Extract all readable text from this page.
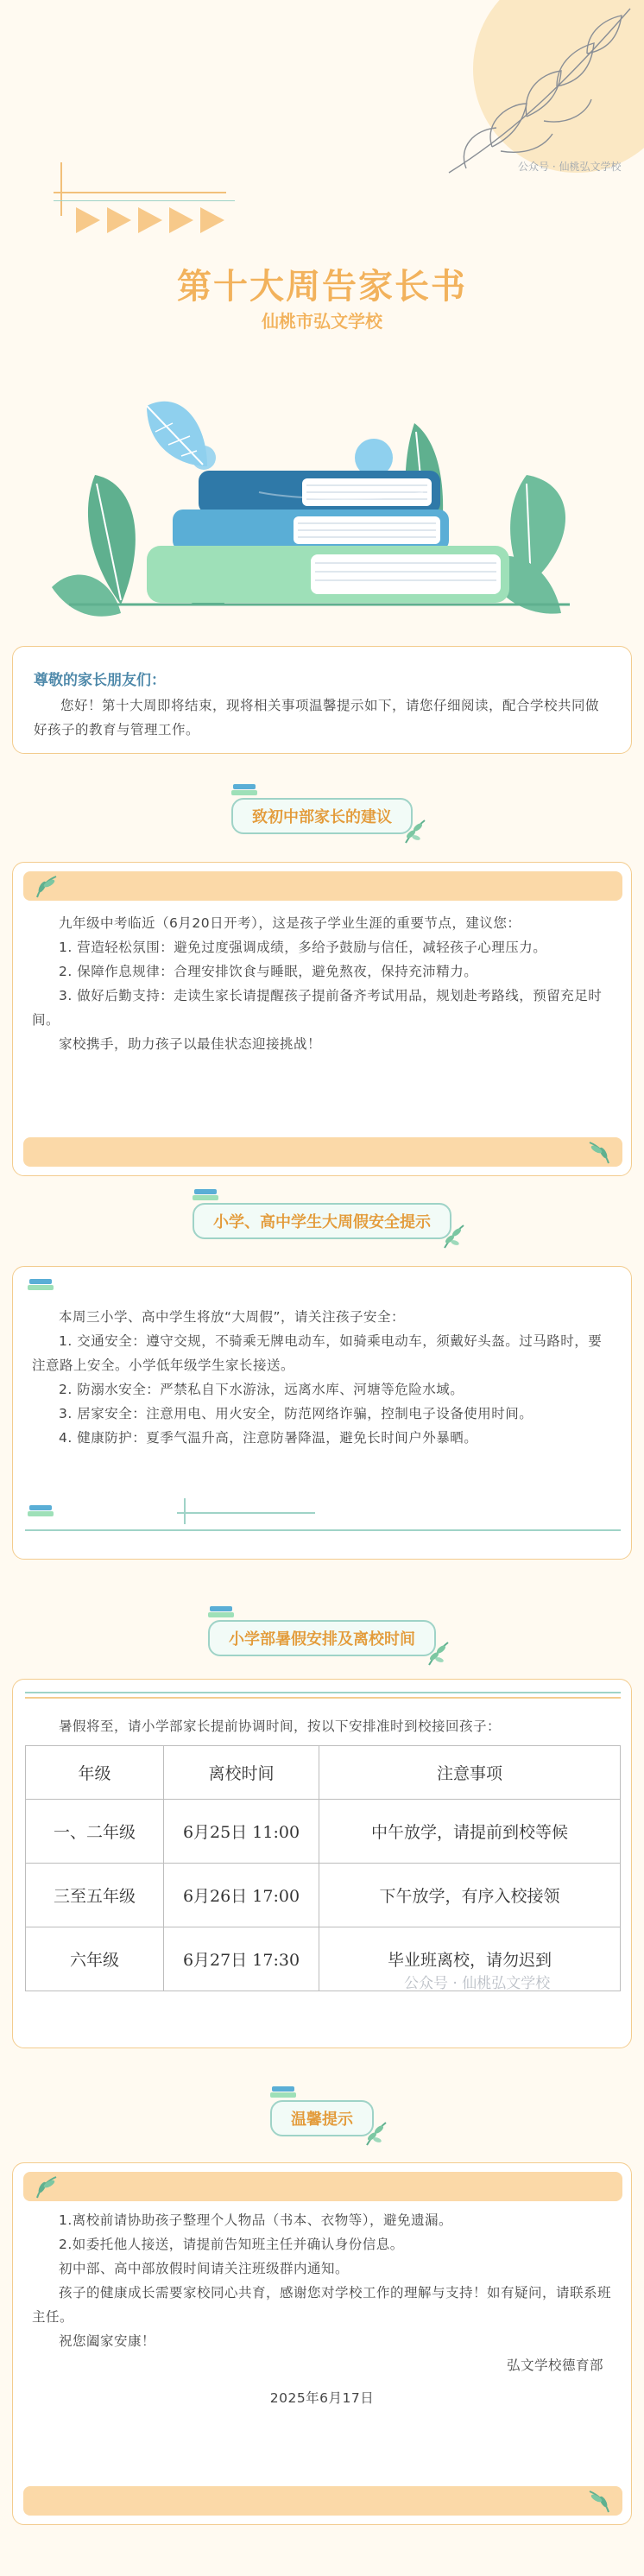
公众号 · 仙桃弘文学校
第十大周告家长书
仙桃市弘文学校
尊敬的家长朋友们：
您好！第十大周即将结束，现将相关事项温馨提示如下，请您仔细阅读，配合学校共同做好孩子的教育与管理工作。
致初中部家长的建议

九年级中考临近（6月20日开考），这是孩子学业生涯的重要节点，建议您：

1. 营造轻松氛围：避免过度强调成绩，多给予鼓励与信任，减轻孩子心理压力。

2. 保障作息规律：合理安排饮食与睡眠，避免熬夜，保持充沛精力。

3. 做好后勤支持：走读生家长请提醒孩子提前备齐考试用品，规划赴考路线，预留充足时间。

家校携手，助力孩子以最佳状态迎接挑战！

小学、高中学生大周假安全提示

本周三小学、高中学生将放“大周假”，请关注孩子安全：

1. 交通安全：遵守交规，不骑乘无牌电动车，如骑乘电动车，须戴好头盔。过马路时，要注意路上安全。小学低年级学生家长接送。

2. 防溺水安全：严禁私自下水游泳，远离水库、河塘等危险水域。

3. 居家安全：注意用电、用火安全，防范网络诈骗，控制电子设备使用时间。

4. 健康防护：夏季气温升高，注意防暑降温，避免长时间户外暴晒。

小学部暑假安排及离校时间

暑假将至，请小学部家长提前协调时间，按以下安排准时到校接回孩子：

年级	离校时间	注意事项
一、二年级	6月25日 11:00	中午放学，请提前到校等候
三至五年级	6月26日 17:00	下午放学，有序入校接领
六年级	6月27日 17:30	毕业班离校，请勿迟到
公众号 · 仙桃弘文学校
温馨提示

1.离校前请协助孩子整理个人物品（书本、衣物等），避免遗漏。

2.如委托他人接送，请提前告知班主任并确认身份信息。

初中部、高中部放假时间请关注班级群内通知。

孩子的健康成长需要家校同心共育，感谢您对学校工作的理解与支持！如有疑问，请联系班主任。

祝您阖家安康！

弘文学校德育部

2025年6月17日
